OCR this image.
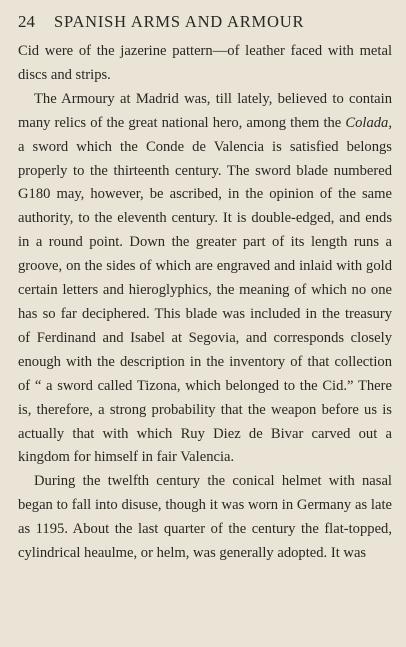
24	SPANISH ARMS AND ARMOUR

Cid were of the jazerine pattern—of leather faced with metal discs and strips.

The Armoury at Madrid was, till lately, believed to contain many relics of the great national hero, among them the Colada, a sword which the Conde de Valencia is satisfied belongs properly to the thirteenth century. The sword blade numbered G180 may, however, be ascribed, in the opinion of the same authority, to the eleventh century. It is double-edged, and ends in a round point. Down the greater part of its length runs a groove, on the sides of which are engraved and inlaid with gold certain letters and hieroglyphics, the meaning of which no one has so far deciphered. This blade was included in the treasury of Ferdinand and Isabel at Segovia, and corresponds closely enough with the description in the inventory of that collection of “ a sword called Tizona, which belonged to the Cid.” There is, therefore, a strong probability that the weapon before us is actually that with which Ruy Diez de Bivar carved out a kingdom for himself in fair Valencia.

During the twelfth century the conical helmet with nasal began to fall into disuse, though it was worn in Germany as late as 1195. About the last quarter of the century the flat-topped, cylindrical heaulme, or helm, was generally adopted. It was
